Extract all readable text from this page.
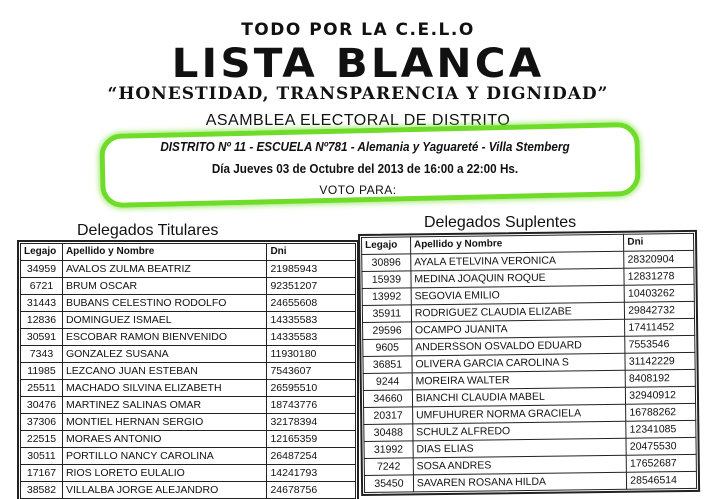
TODO POR LA C.E.L.O
LISTA BLANCA
“HONESTIDAD, TRANSPARENCIA Y DIGNIDAD”
ASAMBLEA ELECTORAL DE DISTRITO
DISTRITO Nº 11 - ESCUELA Nº781 - Alemania y Yaguareté - Villa Stemberg
Día Jueves 03 de Octubre del 2013 de 16:00 a 22:00 Hs.
VOTO PARA:
Delegados Titulares	Delegados Suplentes
Legajo	Apellido y Nombre	Dni
34959	AVALOS ZULMA BEATRIZ	21985943
6721	BRUM OSCAR	92351207
31443	BUBANS CELESTINO RODOLFO	24655608
12836	DOMINGUEZ ISMAEL	14335583
30591	ESCOBAR RAMON BIENVENIDO	14335583
7343	GONZALEZ SUSANA	11930180
11985	LEZCANO JUAN ESTEBAN	7543607
25511	MACHADO SILVINA ELIZABETH	26595510
30476	MARTINEZ SALINAS OMAR	18743776
37306	MONTIEL HERNAN SERGIO	32178394
22515	MORAES ANTONIO	12165359
30511	PORTILLO NANCY CAROLINA	26487254
17167	RIOS LORETO EULALIO	14241793
38582	VILLALBA JORGE ALEJANDRO	24678756
Legajo	Apellido y Nombre	Dni
30896	AYALA ETELVINA VERONICA	28320904
15939	MEDINA JOAQUIN ROQUE	12831278
13992	SEGOVIA EMILIO	10403262
35911	RODRIGUEZ CLAUDIA ELIZABE	29842732
29596	OCAMPO JUANITA	17411452
9605	ANDERSSON OSVALDO EDUARD	7553546
36851	OLIVERA GARCIA CAROLINA S	31142229
9244	MOREIRA WALTER	8408192
34660	BIANCHI CLAUDIA MABEL	32940912
20317	UMFUHURER NORMA GRACIELA	16788262
30488	SCHULZ ALFREDO	12341085
31992	DIAS ELIAS	20475530
7242	SOSA ANDRES	17652687
35450	SAVAREN ROSANA HILDA	28546514
